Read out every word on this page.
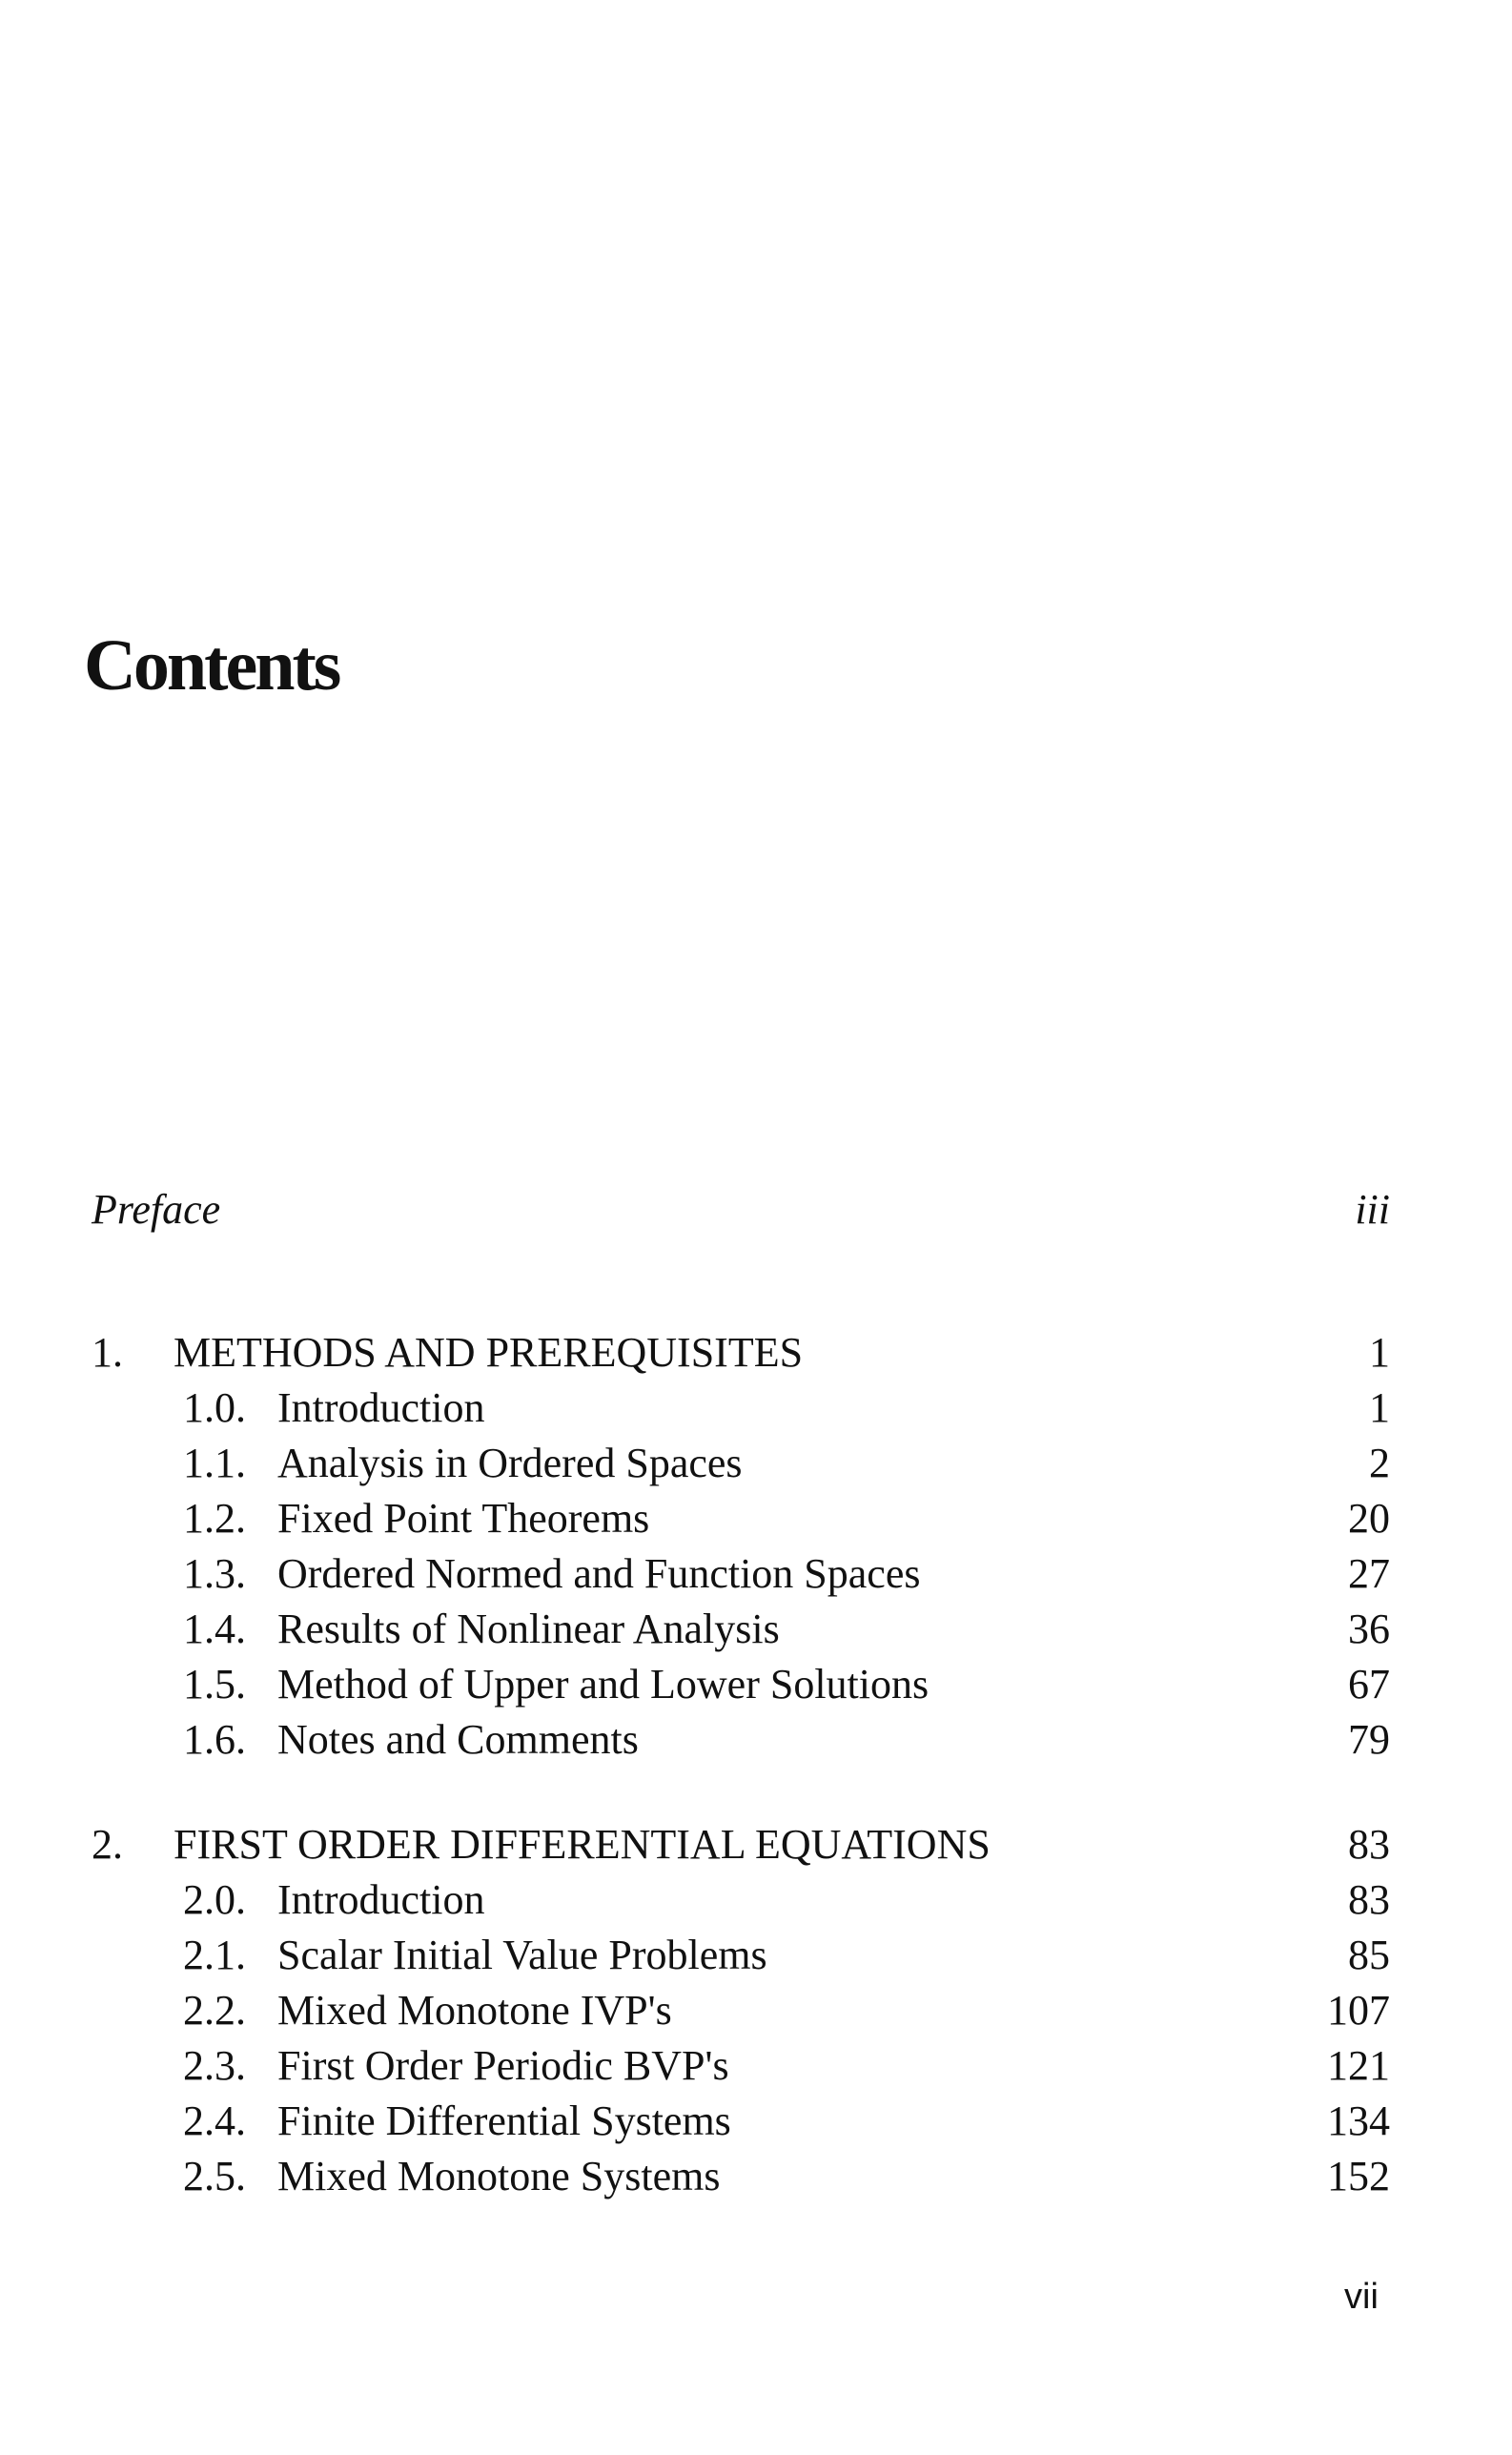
Contents
Preface	iii
1. METHODS AND PREREQUISITES	1
1.0. Introduction	1
1.1. Analysis in Ordered Spaces	2
1.2. Fixed Point Theorems	20
1.3. Ordered Normed and Function Spaces	27
1.4. Results of Nonlinear Analysis	36
1.5. Method of Upper and Lower Solutions	67
1.6. Notes and Comments	79
2. FIRST ORDER DIFFERENTIAL EQUATIONS	83
2.0. Introduction	83
2.1. Scalar Initial Value Problems	85
2.2. Mixed Monotone IVP's	107
2.3. First Order Periodic BVP's	121
2.4. Finite Differential Systems	134
2.5. Mixed Monotone Systems	152
vii
